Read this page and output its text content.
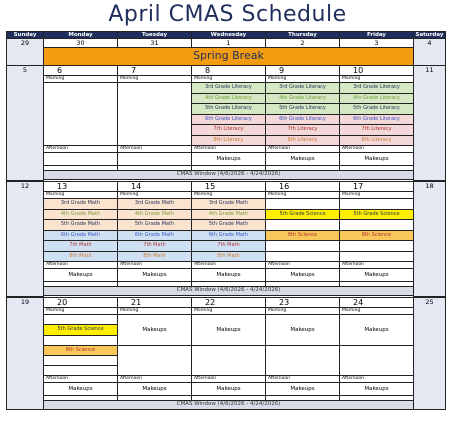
April CMAS Schedule
Sunday	Monday	Tuesday	Wednesday	Thursday	Friday	Saturday
29	30	31	1	2	3	4
	Spring Break					
5	6	7	8	9	10	11
	Morning	Morning	Morning	Morning	Morning	
			3rd Grade Literacy	3rd Grade Literacy	3rd Grade Literacy	
			4th Grade Literacy	4th Grade Literacy	4th Grade Literacy	
			5th Grade Literacy	5th Grade Literacy	5th Grade Literacy	
			6th Grade Literacy	6th Grade Literacy	6th Grade Literacy	
			7th Literacy	7th Literacy	7th Literacy	
			8th Literacy	8th Literacy	8th Literacy	
	Afternoon	Afternoon	Afternoon	Afternoon	Afternoon	
			Makeups	Makeups	Makeups	

	CMAS Window (4/6/2026 - 4/24/2026)					

12	13	14	15	16	17	18
	Morning	Morning	Morning	Morning	Morning	
	3rd Grade Math	3rd Grade Math	3rd Grade Math			
	4th Grade Math	4th Grade Math	4th Grade Math	5th Grade Science	5th Grade Science	
	5th Grade Math	5th Grade Math	5th Grade Math			
	6th Grade Math	6th Grade Math	6th Grade Math	8th Science	8th Science	
	7th Math	7th Math	7th Math			
	8th Math	8th Math	8th Math			
	Afternoon	Afternoon	Afternoon	Afternoon	Afternoon	
	Makeups	Makeups	Makeups	Makeups	Makeups	

	CMAS Window (4/6/2026 - 4/24/2026)					

19	20	21	22	23	24	25
	Morning	Morning	Morning	Morning	Morning	
		Makeups	Makeups	Makeups	Makeups	
	5th Grade Science					

	8th Science					

	Afternoon	Afternoon	Afternoon	Afternoon	Afternoon	
	Makeups	Makeups	Makeups	Makeups	Makeups	

	CMAS Window (4/6/2026 - 4/24/2026)					
